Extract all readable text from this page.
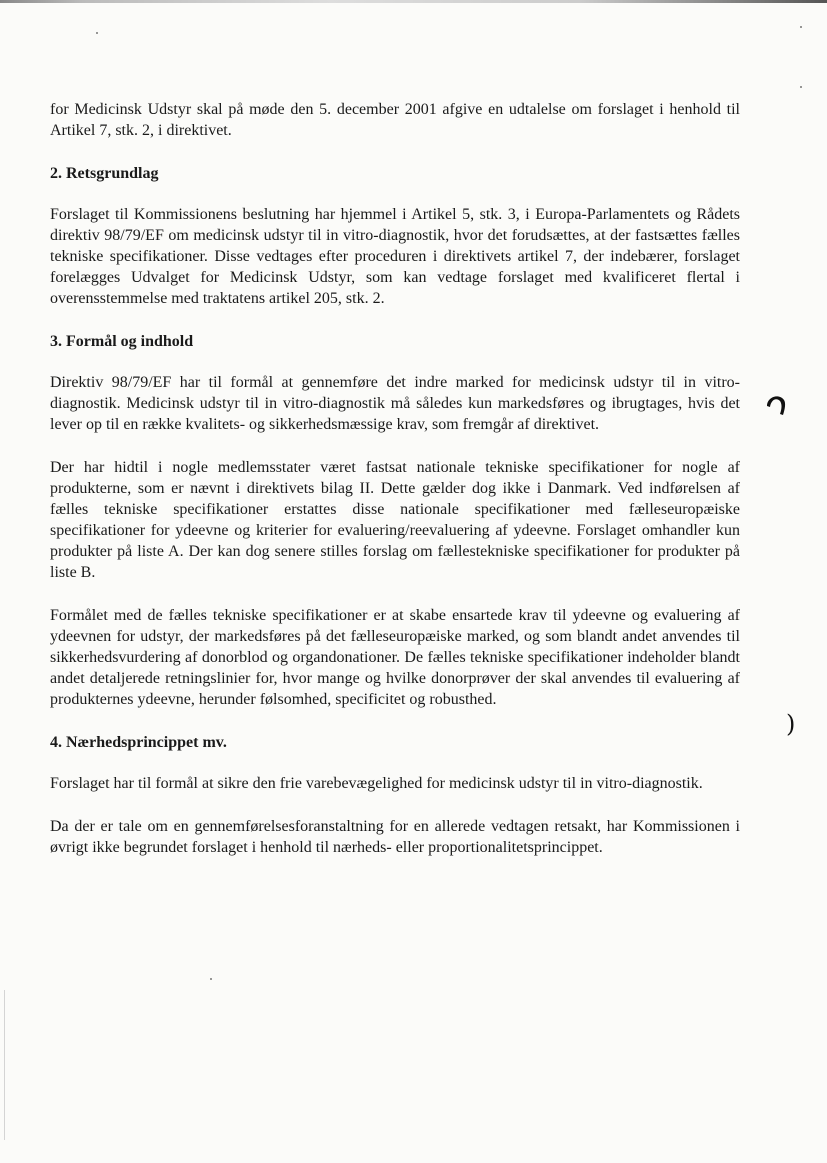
for Medicinsk Udstyr skal på møde den 5. december 2001 afgive en udtalelse om forslaget i henhold til Artikel 7, stk. 2, i direktivet.

2. Retsgrundlag

Forslaget til Kommissionens beslutning har hjemmel i Artikel 5, stk. 3, i Europa-Parlamentets og Rådets direktiv 98/79/EF om medicinsk udstyr til in vitro-diagnostik, hvor det forudsættes, at der fastsættes fælles tekniske specifikationer. Disse vedtages efter proceduren i direktivets artikel 7, der indebærer, forslaget forelægges Udvalget for Medicinsk Udstyr, som kan vedtage forslaget med kvalificeret flertal i overensstemmelse med traktatens artikel 205, stk. 2.

3. Formål og indhold

Direktiv 98/79/EF har til formål at gennemføre det indre marked for medicinsk udstyr til in vitro-diagnostik. Medicinsk udstyr til in vitro-diagnostik må således kun markedsføres og ibrugtages, hvis det lever op til en række kvalitets- og sikkerhedsmæssige krav, som fremgår af direktivet.

Der har hidtil i nogle medlemsstater været fastsat nationale tekniske specifikationer for nogle af produkterne, som er nævnt i direktivets bilag II. Dette gælder dog ikke i Danmark. Ved indførelsen af fælles tekniske specifikationer erstattes disse nationale specifikationer med fælleseuropæiske specifikationer for ydeevne og kriterier for evaluering/reevaluering af ydeevne. Forslaget omhandler kun produkter på liste A. Der kan dog senere stilles forslag om fællestekniske specifikationer for produkter på liste B.

Formålet med de fælles tekniske specifikationer er at skabe ensartede krav til ydeevne og evaluering af ydeevnen for udstyr, der markedsføres på det fælleseuropæiske marked, og som blandt andet anvendes til sikkerhedsvurdering af donorblod og organdonationer. De fælles tekniske specifikationer indeholder blandt andet detaljerede retningslinier for, hvor mange og hvilke donorprøver der skal anvendes til evaluering af produkternes ydeevne, herunder følsomhed, specificitet og robusthed.

4. Nærhedsprincippet mv.

Forslaget har til formål at sikre den frie varebevægelighed for medicinsk udstyr til in vitro-diagnostik.

Da der er tale om en gennemførelsesforanstaltning for en allerede vedtagen retsakt, har Kommissionen i øvrigt ikke begrundet forslaget i henhold til nærheds- eller proportionalitetsprincippet.

)
